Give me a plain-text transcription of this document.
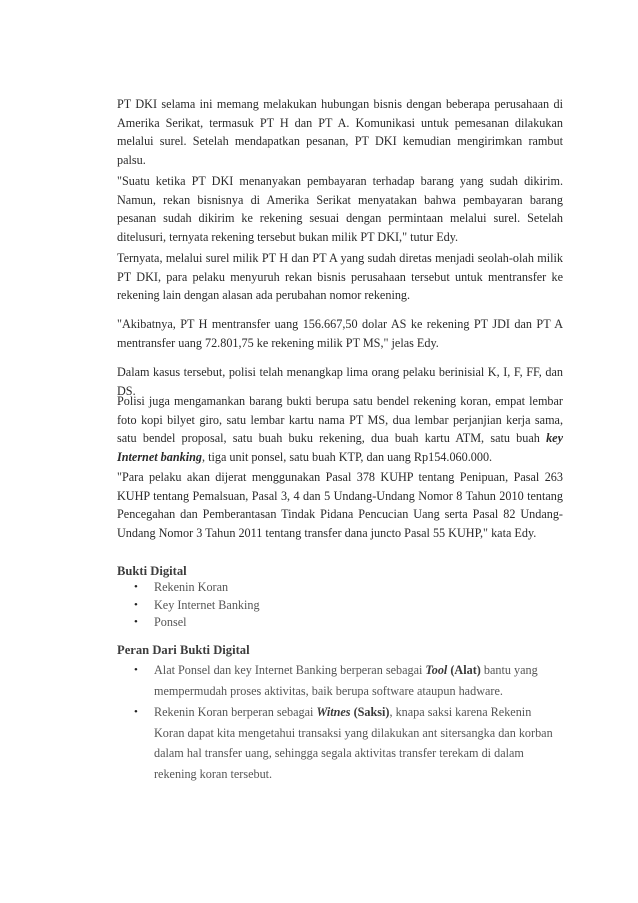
PT DKI selama ini memang melakukan hubungan bisnis dengan beberapa perusahaan di Amerika Serikat, termasuk PT H dan PT A. Komunikasi untuk pemesanan dilakukan melalui surel. Setelah mendapatkan pesanan, PT DKI kemudian mengirimkan rambut palsu.

"Suatu ketika PT DKI menanyakan pembayaran terhadap barang yang sudah dikirim. Namun, rekan bisnisnya di Amerika Serikat menyatakan bahwa pembayaran barang pesanan sudah dikirim ke rekening sesuai dengan permintaan melalui surel. Setelah ditelusuri, ternyata rekening tersebut bukan milik PT DKI," tutur Edy.

Ternyata, melalui surel milik PT H dan PT A yang sudah diretas menjadi seolah-olah milik PT DKI, para pelaku menyuruh rekan bisnis perusahaan tersebut untuk mentransfer ke rekening lain dengan alasan ada perubahan nomor rekening.

"Akibatnya, PT H mentransfer uang 156.667,50 dolar AS ke rekening PT JDI dan PT A mentransfer uang 72.801,75 ke rekening milik PT MS," jelas Edy.

Dalam kasus tersebut, polisi telah menangkap lima orang pelaku berinisial K, I, F, FF, dan DS.

Polisi juga mengamankan barang bukti berupa satu bendel rekening koran, empat lembar foto kopi bilyet giro, satu lembar kartu nama PT MS, dua lembar perjanjian kerja sama, satu bendel proposal, satu buah buku rekening, dua buah kartu ATM, satu buah key Internet banking, tiga unit ponsel, satu buah KTP, dan uang Rp154.060.000.

"Para pelaku akan dijerat menggunakan Pasal 378 KUHP tentang Penipuan, Pasal 263 KUHP tentang Pemalsuan, Pasal 3, 4 dan 5 Undang-Undang Nomor 8 Tahun 2010 tentang Pencegahan dan Pemberantasan Tindak Pidana Pencucian Uang serta Pasal 82 Undang-Undang Nomor 3 Tahun 2011 tentang transfer dana juncto Pasal 55 KUHP," kata Edy.

Bukti Digital
• Rekenin Koran
• Key Internet Banking
• Ponsel
Peran Dari Bukti Digital
• Alat Ponsel dan key Internet Banking berperan sebagai Tool (Alat) bantu yang mempermudah proses aktivitas, baik berupa software ataupun hadware.
• Rekenin Koran berperan sebagai Witnes (Saksi), knapa saksi karena Rekenin Koran dapat kita mengetahui transaksi yang dilakukan ant sitersangka dan korban dalam hal transfer uang, sehingga segala aktivitas transfer terekam di dalam rekening koran tersebut.
